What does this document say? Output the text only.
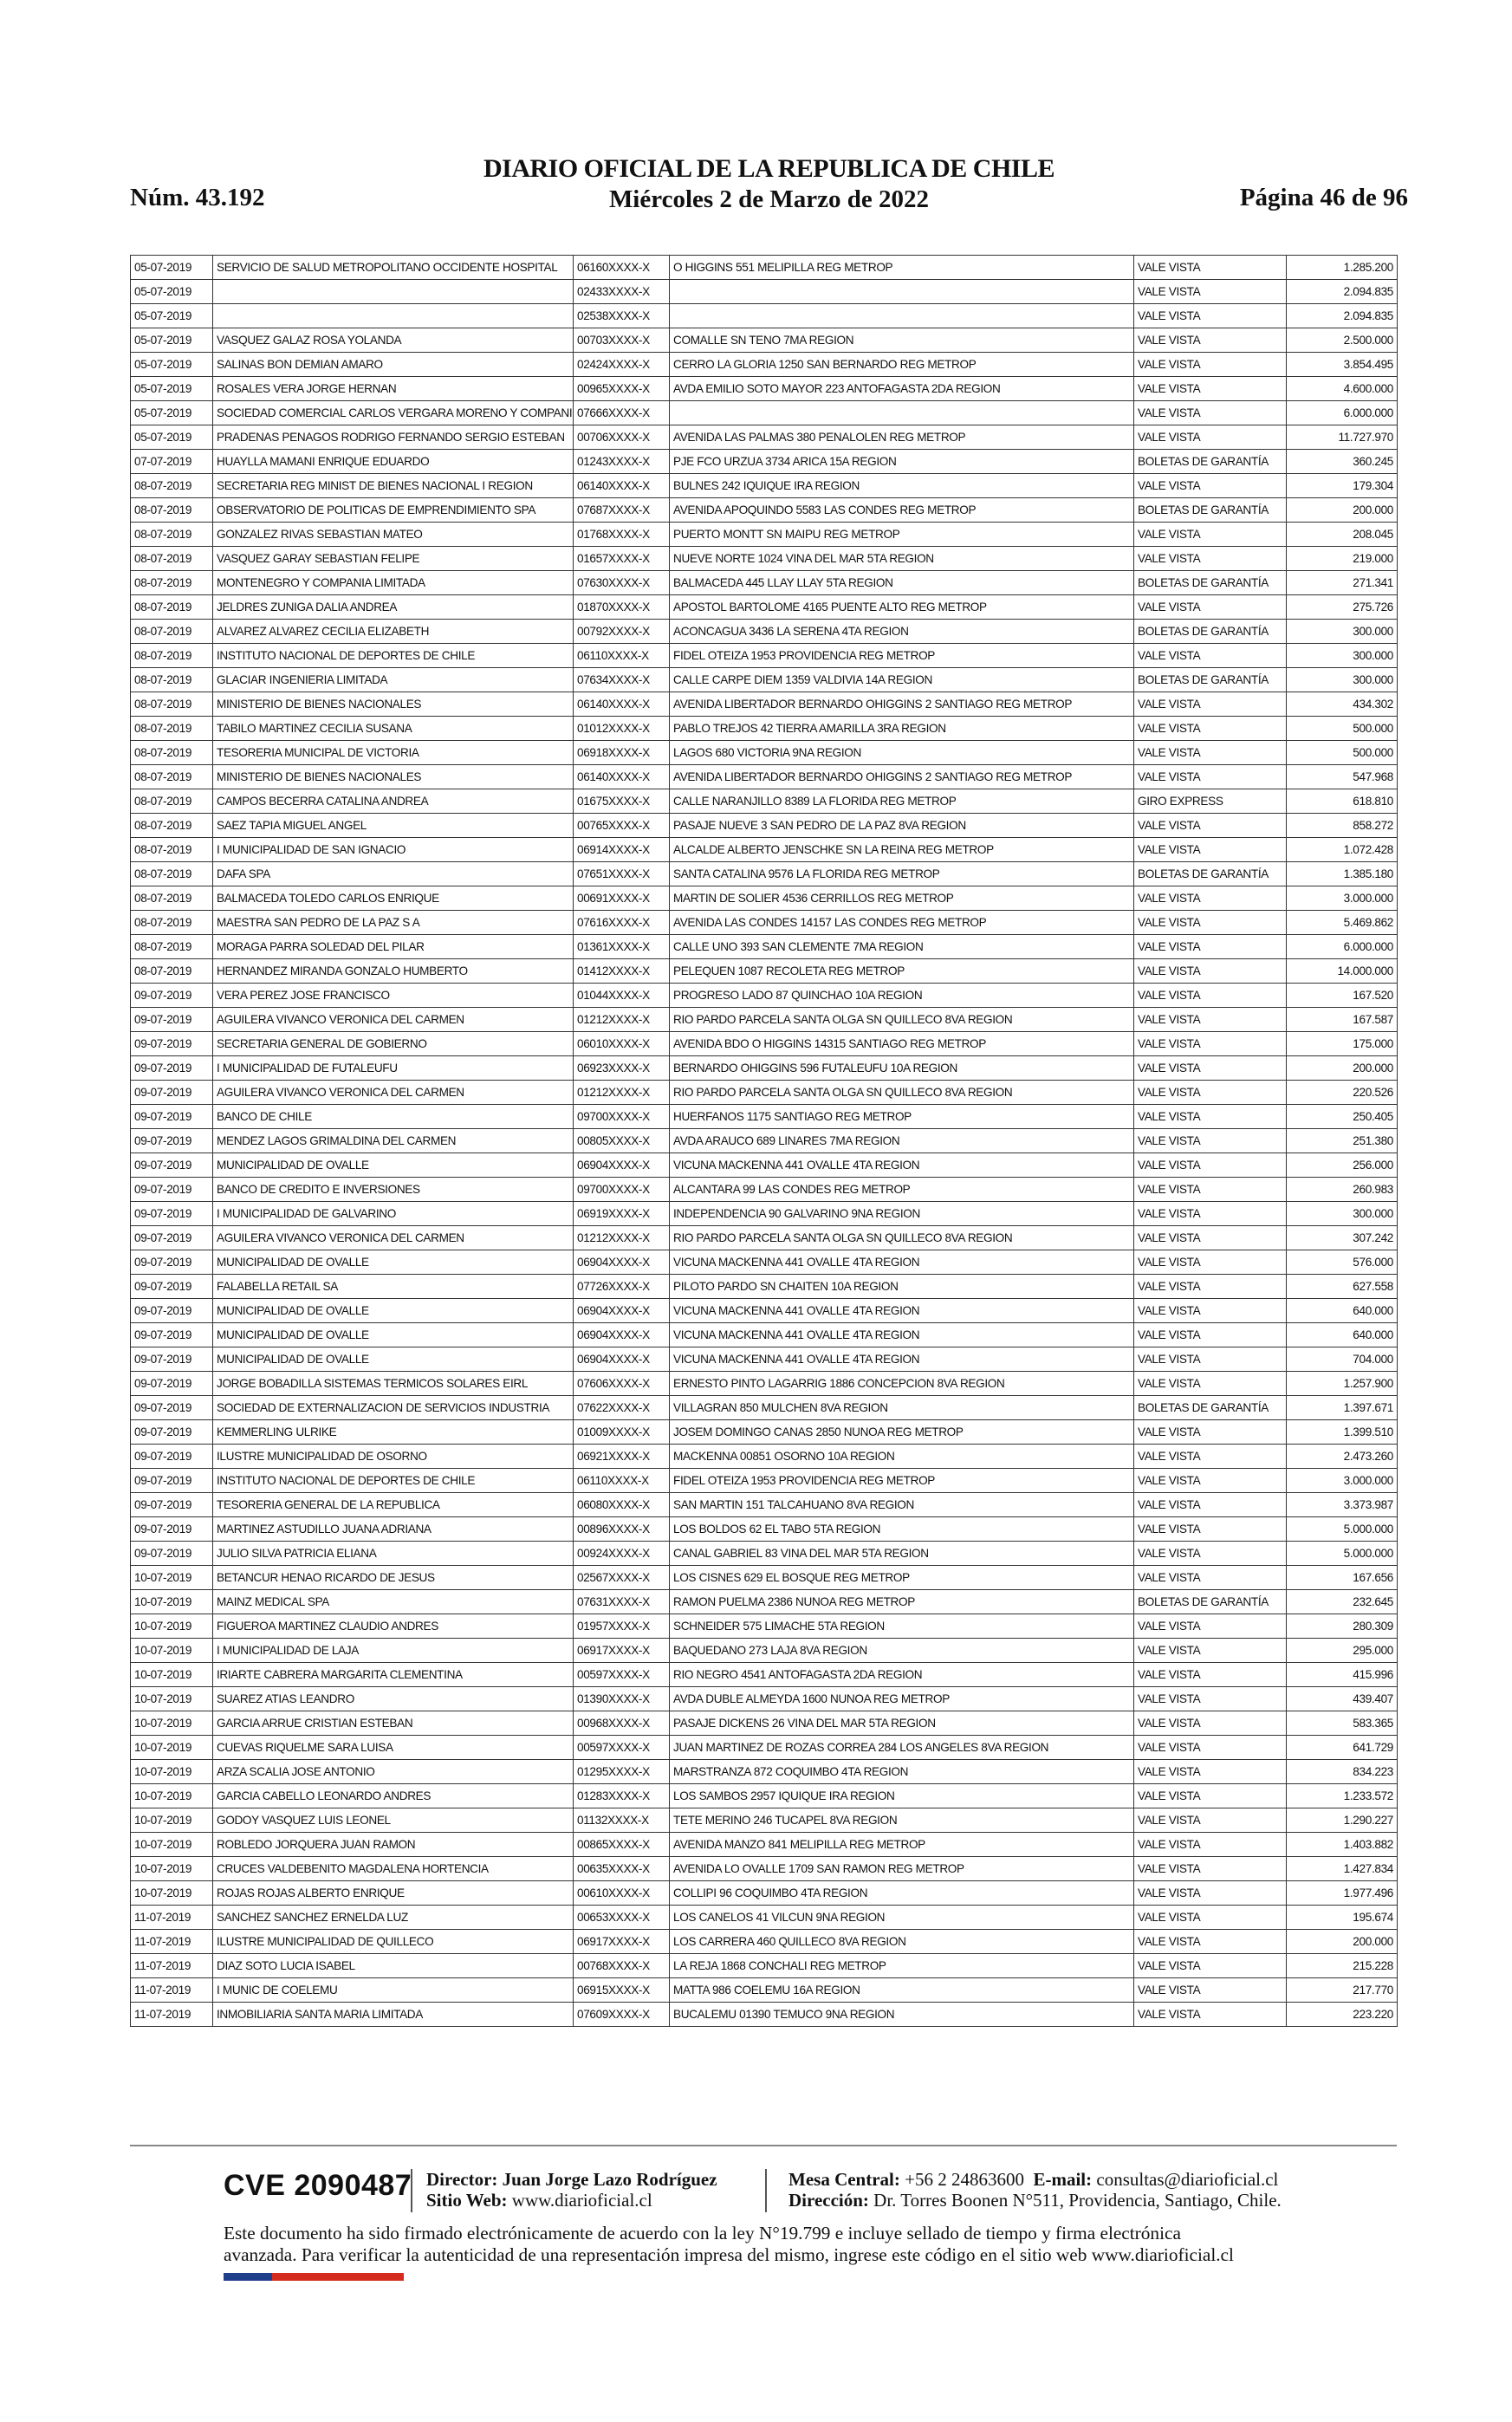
Núm. 43.192
DIARIO OFICIAL DE LA REPUBLICA DE CHILE
Miércoles 2 de Marzo de 2022	Página 46 de 96
05-07-2019	SERVICIO DE SALUD METROPOLITANO OCCIDENTE HOSPITAL	06160XXXX-X	O HIGGINS 551 MELIPILLA REG METROP	VALE VISTA	1.285.200
05-07-2019		02433XXXX-X		VALE VISTA	2.094.835
05-07-2019		02538XXXX-X		VALE VISTA	2.094.835
05-07-2019	VASQUEZ GALAZ ROSA YOLANDA	00703XXXX-X	COMALLE SN TENO 7MA REGION	VALE VISTA	2.500.000
05-07-2019	SALINAS BON DEMIAN AMARO	02424XXXX-X	CERRO LA GLORIA 1250 SAN BERNARDO REG METROP	VALE VISTA	3.854.495
05-07-2019	ROSALES VERA JORGE HERNAN	00965XXXX-X	AVDA EMILIO SOTO MAYOR 223 ANTOFAGASTA 2DA REGION	VALE VISTA	4.600.000
05-07-2019	SOCIEDAD COMERCIAL CARLOS VERGARA MORENO Y COMPANI	07666XXXX-X		VALE VISTA	6.000.000
05-07-2019	PRADENAS PENAGOS RODRIGO FERNANDO SERGIO ESTEBAN	00706XXXX-X	AVENIDA LAS PALMAS 380 PENALOLEN REG METROP	VALE VISTA	11.727.970
07-07-2019	HUAYLLA MAMANI ENRIQUE EDUARDO	01243XXXX-X	PJE FCO URZUA 3734 ARICA 15A REGION	BOLETAS DE GARANTÍA	360.245
08-07-2019	SECRETARIA REG MINIST DE BIENES NACIONAL I REGION	06140XXXX-X	BULNES 242 IQUIQUE IRA REGION	VALE VISTA	179.304
08-07-2019	OBSERVATORIO DE POLITICAS DE EMPRENDIMIENTO SPA	07687XXXX-X	AVENIDA APOQUINDO 5583 LAS CONDES REG METROP	BOLETAS DE GARANTÍA	200.000
08-07-2019	GONZALEZ RIVAS SEBASTIAN MATEO	01768XXXX-X	PUERTO MONTT SN MAIPU REG METROP	VALE VISTA	208.045
08-07-2019	VASQUEZ GARAY SEBASTIAN FELIPE	01657XXXX-X	NUEVE NORTE 1024 VINA DEL MAR 5TA REGION	VALE VISTA	219.000
08-07-2019	MONTENEGRO Y COMPANIA LIMITADA	07630XXXX-X	BALMACEDA 445 LLAY LLAY 5TA REGION	BOLETAS DE GARANTÍA	271.341
08-07-2019	JELDRES ZUNIGA DALIA ANDREA	01870XXXX-X	APOSTOL BARTOLOME 4165 PUENTE ALTO REG METROP	VALE VISTA	275.726
08-07-2019	ALVAREZ ALVAREZ CECILIA ELIZABETH	00792XXXX-X	ACONCAGUA 3436 LA SERENA 4TA REGION	BOLETAS DE GARANTÍA	300.000
08-07-2019	INSTITUTO NACIONAL DE DEPORTES DE CHILE	06110XXXX-X	FIDEL OTEIZA 1953 PROVIDENCIA REG METROP	VALE VISTA	300.000
08-07-2019	GLACIAR INGENIERIA LIMITADA	07634XXXX-X	CALLE CARPE DIEM 1359 VALDIVIA 14A REGION	BOLETAS DE GARANTÍA	300.000
08-07-2019	MINISTERIO DE BIENES NACIONALES	06140XXXX-X	AVENIDA LIBERTADOR BERNARDO OHIGGINS 2 SANTIAGO REG METROP	VALE VISTA	434.302
08-07-2019	TABILO MARTINEZ CECILIA SUSANA	01012XXXX-X	PABLO TREJOS 42 TIERRA AMARILLA 3RA REGION	VALE VISTA	500.000
08-07-2019	TESORERIA MUNICIPAL DE VICTORIA	06918XXXX-X	LAGOS 680 VICTORIA 9NA REGION	VALE VISTA	500.000
08-07-2019	MINISTERIO DE BIENES NACIONALES	06140XXXX-X	AVENIDA LIBERTADOR BERNARDO OHIGGINS 2 SANTIAGO REG METROP	VALE VISTA	547.968
08-07-2019	CAMPOS BECERRA CATALINA ANDREA	01675XXXX-X	CALLE NARANJILLO 8389 LA FLORIDA REG METROP	GIRO EXPRESS	618.810
08-07-2019	SAEZ TAPIA MIGUEL ANGEL	00765XXXX-X	PASAJE NUEVE 3 SAN PEDRO DE LA PAZ 8VA REGION	VALE VISTA	858.272
08-07-2019	I MUNICIPALIDAD DE SAN IGNACIO	06914XXXX-X	ALCALDE ALBERTO JENSCHKE SN LA REINA REG METROP	VALE VISTA	1.072.428
08-07-2019	DAFA SPA	07651XXXX-X	SANTA CATALINA 9576 LA FLORIDA REG METROP	BOLETAS DE GARANTÍA	1.385.180
08-07-2019	BALMACEDA TOLEDO CARLOS ENRIQUE	00691XXXX-X	MARTIN DE SOLIER 4536 CERRILLOS REG METROP	VALE VISTA	3.000.000
08-07-2019	MAESTRA SAN PEDRO DE LA PAZ S A	07616XXXX-X	AVENIDA LAS CONDES 14157 LAS CONDES REG METROP	VALE VISTA	5.469.862
08-07-2019	MORAGA PARRA SOLEDAD DEL PILAR	01361XXXX-X	CALLE UNO 393 SAN CLEMENTE 7MA REGION	VALE VISTA	6.000.000
08-07-2019	HERNANDEZ MIRANDA GONZALO HUMBERTO	01412XXXX-X	PELEQUEN 1087 RECOLETA REG METROP	VALE VISTA	14.000.000
09-07-2019	VERA PEREZ JOSE FRANCISCO	01044XXXX-X	PROGRESO LADO 87 QUINCHAO 10A REGION	VALE VISTA	167.520
09-07-2019	AGUILERA VIVANCO VERONICA DEL CARMEN	01212XXXX-X	RIO PARDO PARCELA SANTA OLGA SN QUILLECO 8VA REGION	VALE VISTA	167.587
09-07-2019	SECRETARIA GENERAL DE GOBIERNO	06010XXXX-X	AVENIDA BDO O HIGGINS 14315 SANTIAGO REG METROP	VALE VISTA	175.000
09-07-2019	I MUNICIPALIDAD DE FUTALEUFU	06923XXXX-X	BERNARDO OHIGGINS 596 FUTALEUFU 10A REGION	VALE VISTA	200.000
09-07-2019	AGUILERA VIVANCO VERONICA DEL CARMEN	01212XXXX-X	RIO PARDO PARCELA SANTA OLGA SN QUILLECO 8VA REGION	VALE VISTA	220.526
09-07-2019	BANCO DE CHILE	09700XXXX-X	HUERFANOS 1175 SANTIAGO REG METROP	VALE VISTA	250.405
09-07-2019	MENDEZ LAGOS GRIMALDINA DEL CARMEN	00805XXXX-X	AVDA ARAUCO 689 LINARES 7MA REGION	VALE VISTA	251.380
09-07-2019	MUNICIPALIDAD DE OVALLE	06904XXXX-X	VICUNA MACKENNA 441 OVALLE 4TA REGION	VALE VISTA	256.000
09-07-2019	BANCO DE CREDITO E INVERSIONES	09700XXXX-X	ALCANTARA 99 LAS CONDES REG METROP	VALE VISTA	260.983
09-07-2019	I MUNICIPALIDAD DE GALVARINO	06919XXXX-X	INDEPENDENCIA 90 GALVARINO 9NA REGION	VALE VISTA	300.000
09-07-2019	AGUILERA VIVANCO VERONICA DEL CARMEN	01212XXXX-X	RIO PARDO PARCELA SANTA OLGA SN QUILLECO 8VA REGION	VALE VISTA	307.242
09-07-2019	MUNICIPALIDAD DE OVALLE	06904XXXX-X	VICUNA MACKENNA 441 OVALLE 4TA REGION	VALE VISTA	576.000
09-07-2019	FALABELLA RETAIL SA	07726XXXX-X	PILOTO PARDO SN CHAITEN 10A REGION	VALE VISTA	627.558
09-07-2019	MUNICIPALIDAD DE OVALLE	06904XXXX-X	VICUNA MACKENNA 441 OVALLE 4TA REGION	VALE VISTA	640.000
09-07-2019	MUNICIPALIDAD DE OVALLE	06904XXXX-X	VICUNA MACKENNA 441 OVALLE 4TA REGION	VALE VISTA	640.000
09-07-2019	MUNICIPALIDAD DE OVALLE	06904XXXX-X	VICUNA MACKENNA 441 OVALLE 4TA REGION	VALE VISTA	704.000
09-07-2019	JORGE BOBADILLA SISTEMAS TERMICOS SOLARES EIRL	07606XXXX-X	ERNESTO PINTO LAGARRIG 1886 CONCEPCION 8VA REGION	VALE VISTA	1.257.900
09-07-2019	SOCIEDAD DE EXTERNALIZACION DE SERVICIOS INDUSTRIA	07622XXXX-X	VILLAGRAN 850 MULCHEN 8VA REGION	BOLETAS DE GARANTÍA	1.397.671
09-07-2019	KEMMERLING ULRIKE	01009XXXX-X	JOSEM DOMINGO CANAS 2850 NUNOA REG METROP	VALE VISTA	1.399.510
09-07-2019	ILUSTRE MUNICIPALIDAD DE OSORNO	06921XXXX-X	MACKENNA 00851 OSORNO 10A REGION	VALE VISTA	2.473.260
09-07-2019	INSTITUTO NACIONAL DE DEPORTES DE CHILE	06110XXXX-X	FIDEL OTEIZA 1953 PROVIDENCIA REG METROP	VALE VISTA	3.000.000
09-07-2019	TESORERIA GENERAL DE LA REPUBLICA	06080XXXX-X	SAN MARTIN 151 TALCAHUANO 8VA REGION	VALE VISTA	3.373.987
09-07-2019	MARTINEZ ASTUDILLO JUANA ADRIANA	00896XXXX-X	LOS BOLDOS 62 EL TABO 5TA REGION	VALE VISTA	5.000.000
09-07-2019	JULIO SILVA PATRICIA ELIANA	00924XXXX-X	CANAL GABRIEL 83 VINA DEL MAR 5TA REGION	VALE VISTA	5.000.000
10-07-2019	BETANCUR HENAO RICARDO DE JESUS	02567XXXX-X	LOS CISNES 629 EL BOSQUE REG METROP	VALE VISTA	167.656
10-07-2019	MAINZ MEDICAL SPA	07631XXXX-X	RAMON PUELMA 2386 NUNOA REG METROP	BOLETAS DE GARANTÍA	232.645
10-07-2019	FIGUEROA MARTINEZ CLAUDIO ANDRES	01957XXXX-X	SCHNEIDER 575 LIMACHE 5TA REGION	VALE VISTA	280.309
10-07-2019	I MUNICIPALIDAD DE LAJA	06917XXXX-X	BAQUEDANO 273 LAJA 8VA REGION	VALE VISTA	295.000
10-07-2019	IRIARTE CABRERA MARGARITA CLEMENTINA	00597XXXX-X	RIO NEGRO 4541 ANTOFAGASTA 2DA REGION	VALE VISTA	415.996
10-07-2019	SUAREZ ATIAS LEANDRO	01390XXXX-X	AVDA DUBLE ALMEYDA 1600 NUNOA REG METROP	VALE VISTA	439.407
10-07-2019	GARCIA ARRUE CRISTIAN ESTEBAN	00968XXXX-X	PASAJE DICKENS 26 VINA DEL MAR 5TA REGION	VALE VISTA	583.365
10-07-2019	CUEVAS RIQUELME SARA LUISA	00597XXXX-X	JUAN MARTINEZ DE ROZAS CORREA 284 LOS ANGELES 8VA REGION	VALE VISTA	641.729
10-07-2019	ARZA SCALIA JOSE ANTONIO	01295XXXX-X	MARSTRANZA 872 COQUIMBO 4TA REGION	VALE VISTA	834.223
10-07-2019	GARCIA CABELLO LEONARDO ANDRES	01283XXXX-X	LOS SAMBOS 2957 IQUIQUE IRA REGION	VALE VISTA	1.233.572
10-07-2019	GODOY VASQUEZ LUIS LEONEL	01132XXXX-X	TETE MERINO 246 TUCAPEL 8VA REGION	VALE VISTA	1.290.227
10-07-2019	ROBLEDO JORQUERA JUAN RAMON	00865XXXX-X	AVENIDA MANZO 841 MELIPILLA REG METROP	VALE VISTA	1.403.882
10-07-2019	CRUCES VALDEBENITO MAGDALENA HORTENCIA	00635XXXX-X	AVENIDA LO OVALLE 1709 SAN RAMON REG METROP	VALE VISTA	1.427.834
10-07-2019	ROJAS ROJAS ALBERTO ENRIQUE	00610XXXX-X	COLLIPI 96 COQUIMBO 4TA REGION	VALE VISTA	1.977.496
11-07-2019	SANCHEZ SANCHEZ ERNELDA LUZ	00653XXXX-X	LOS CANELOS 41 VILCUN 9NA REGION	VALE VISTA	195.674
11-07-2019	ILUSTRE MUNICIPALIDAD DE QUILLECO	06917XXXX-X	LOS CARRERA 460 QUILLECO 8VA REGION	VALE VISTA	200.000
11-07-2019	DIAZ SOTO LUCIA ISABEL	00768XXXX-X	LA REJA 1868 CONCHALI REG METROP	VALE VISTA	215.228
11-07-2019	I MUNIC DE COELEMU	06915XXXX-X	MATTA 986 COELEMU 16A REGION	VALE VISTA	217.770
11-07-2019	INMOBILIARIA SANTA MARIA LIMITADA	07609XXXX-X	BUCALEMU 01390 TEMUCO 9NA REGION	VALE VISTA	223.220
CVE 2090487 Director: Juan Jorge Lazo Rodríguez
Sitio Web: www.diarioficial.cl
Mesa Central: +56 2 24863600 E-mail: consultas@diarioficial.cl
Dirección: Dr. Torres Boonen N°511, Providencia, Santiago, Chile.
Este documento ha sido firmado electrónicamente de acuerdo con la ley N°19.799 e incluye sellado de tiempo y firma electrónica
avanzada. Para verificar la autenticidad de una representación impresa del mismo, ingrese este código en el sitio web www.diarioficial.cl
